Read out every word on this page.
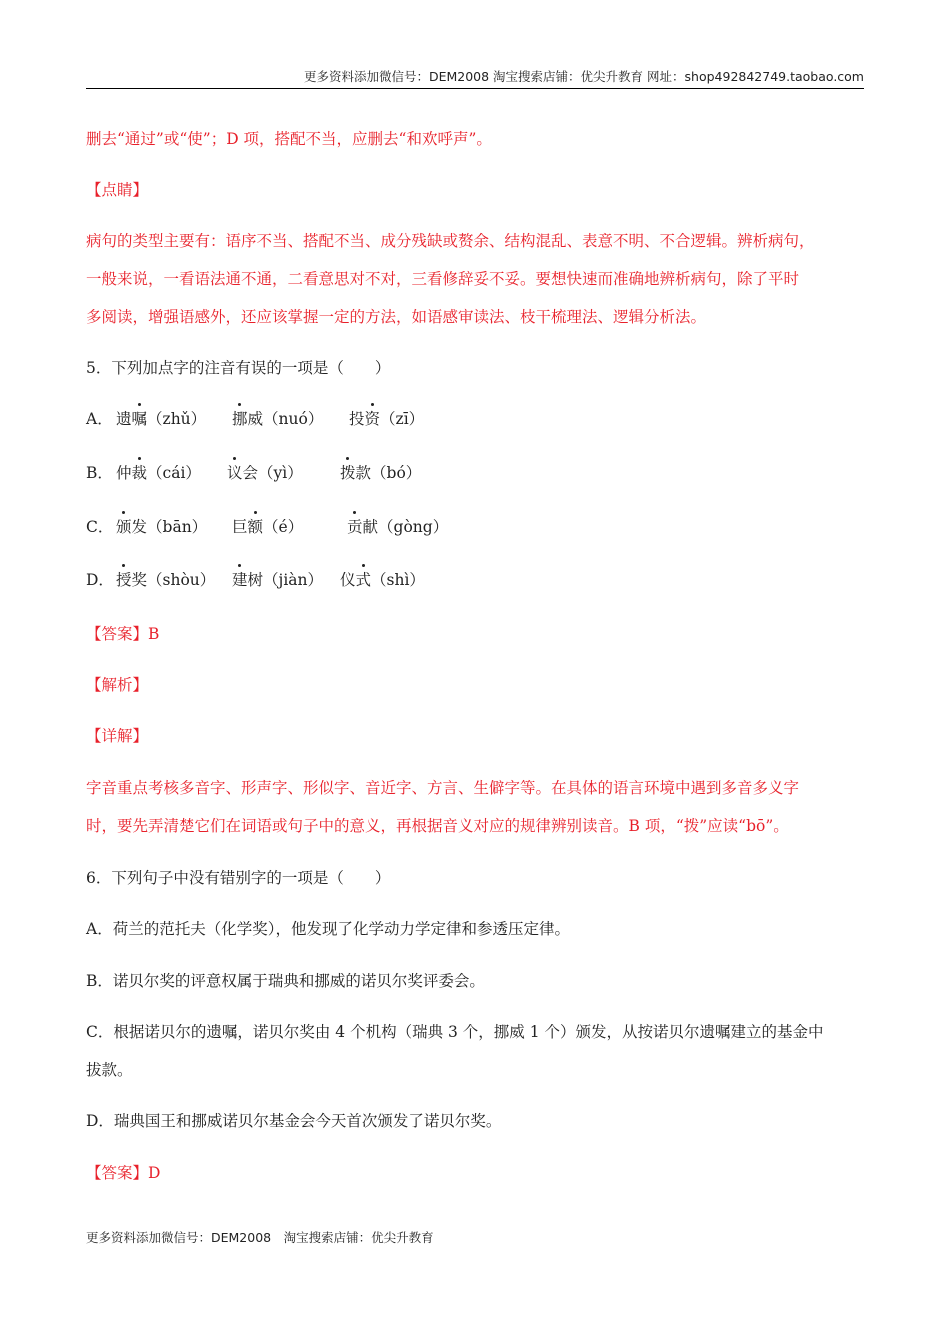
更多资料添加微信号：DEM2008 淘宝搜索店铺：优尖升教育 网址：shop492842749.taobao.com
删去“通过”或“使”；D 项，搭配不当，应删去“和欢呼声”。
【点睛】
病句的类型主要有：语序不当、搭配不当、成分残缺或赘余、结构混乱、表意不明、不合逻辑。辨析病句，
一般来说，一看语法通不通，二看意思对不对，三看修辞妥不妥。要想快速而准确地辨析病句，除了平时
多阅读，增强语感外，还应该掌握一定的方法，如语感审读法、枝干梳理法、逻辑分析法。
5．下列加点字的注音有误的一项是（　　）
A． 遗嘱（zhǔ） 挪威（nuó） 投资（zī）
B． 仲裁（cái） 议会（yì） 拨款（bó）
C． 颁发（bān） 巨额（é）	贡献（gòng）
D． 授奖（shòu） 建树（jiàn） 仪式（shì）
【答案】B
【解析】
【详解】
字音重点考核多音字、形声字、形似字、音近字、方言、生僻字等。在具体的语言环境中遇到多音多义字
时，要先弄清楚它们在词语或句子中的意义，再根据音义对应的规律辨别读音。B 项，“拨”应读“bō”。
6．下列句子中没有错别字的一项是（　　）
A．荷兰的范托夫（化学奖），他发现了化学动力学定律和参透压定律。
B．诺贝尔奖的评意权属于瑞典和挪威的诺贝尔奖评委会。
C．根据诺贝尔的遗嘱，诺贝尔奖由 4 个机构（瑞典 3 个，挪威 1 个）颁发，从按诺贝尔遗嘱建立的基金中
拔款。
D．瑞典国王和挪威诺贝尔基金会今天首次颁发了诺贝尔奖。
【答案】D
更多资料添加微信号：DEM2008　淘宝搜索店铺：优尖升教育
